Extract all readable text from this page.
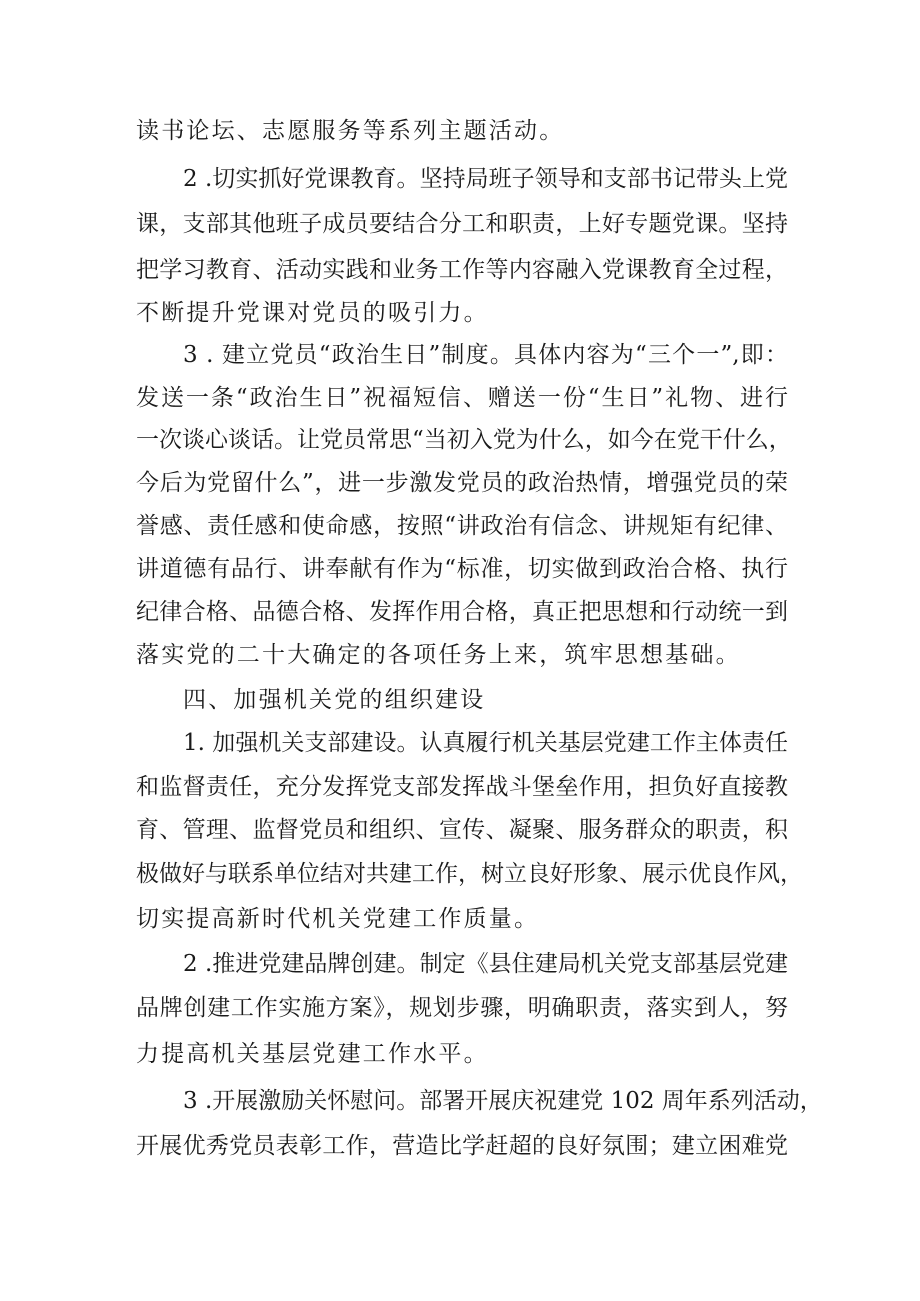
读书论坛、志愿服务等系列主题活动。
2 .切实抓好党课教育。坚持局班子领导和支部书记带头上党
课，支部其他班子成员要结合分工和职责，上好专题党课。坚持
把学习教育、活动实践和业务工作等内容融入党课教育全过程，
不断提升党课对党员的吸引力。
3 . 建立党员“政治生日”制度。具体内容为“三个一”,即：
发送一条“政治生日”祝福短信、赠送一份“生日”礼物、进行
一次谈心谈话。让党员常思“当初入党为什么，如今在党干什么，
今后为党留什么”，进一步激发党员的政治热情，增强党员的荣
誉感、责任感和使命感，按照“讲政治有信念、讲规矩有纪律、
讲道德有品行、讲奉献有作为“标准，切实做到政治合格、执行
纪律合格、品德合格、发挥作用合格，真正把思想和行动统一到
落实党的二十大确定的各项任务上来，筑牢思想基础。
四、加强机关党的组织建设
1. 加强机关支部建设。认真履行机关基层党建工作主体责任
和监督责任，充分发挥党支部发挥战斗堡垒作用，担负好直接教
育、管理、监督党员和组织、宣传、凝聚、服务群众的职责，积
极做好与联系单位结对共建工作，树立良好形象、展示优良作风，
切实提高新时代机关党建工作质量。
2 .推进党建品牌创建。制定《县住建局机关党支部基层党建
品牌创建工作实施方案》，规划步骤，明确职责，落实到人，努
力提高机关基层党建工作水平。
3 .开展激励关怀慰问。部署开展庆祝建党 102 周年系列活动，
开展优秀党员表彰工作，营造比学赶超的良好氛围；建立困难党
